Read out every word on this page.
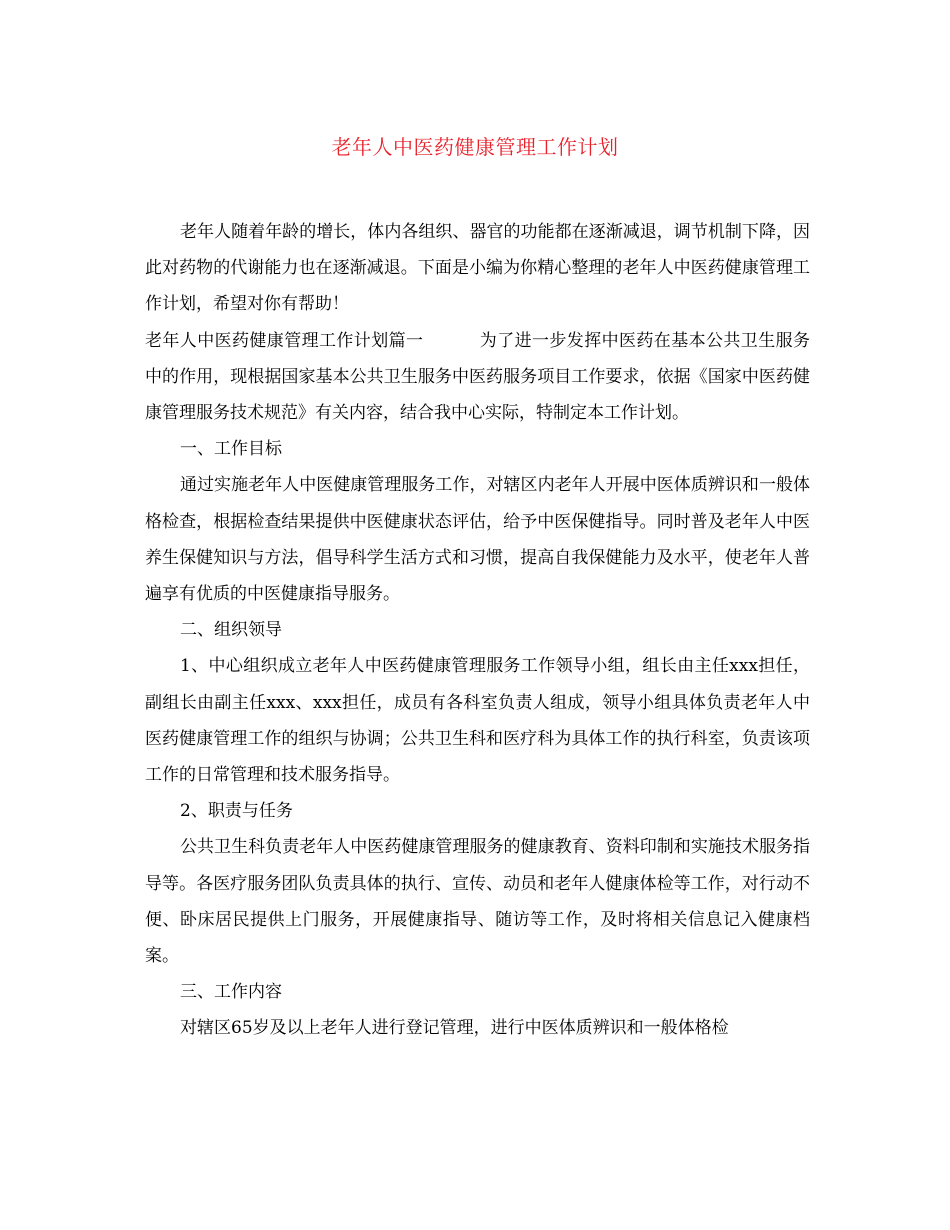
老年人中医药健康管理工作计划

老年人随着年龄的增长，体内各组织、器官的功能都在逐渐减退，调节机制下降，因此对药物的代谢能力也在逐渐减退。下面是小编为你精心整理的老年人中医药健康管理工作计划，希望对你有帮助！

老年人中医药健康管理工作计划篇一	为了进一步发挥中医药在基本公共卫生服务中的作用，现根据国家基本公共卫生服务中医药服务项目工作要求，依据《国家中医药健康管理服务技术规范》有关内容，结合我中心实际，特制定本工作计划。

一、工作目标

通过实施老年人中医健康管理服务工作，对辖区内老年人开展中医体质辨识和一般体格检查，根据检查结果提供中医健康状态评估，给予中医保健指导。同时普及老年人中医养生保健知识与方法，倡导科学生活方式和习惯，提高自我保健能力及水平，使老年人普遍享有优质的中医健康指导服务。

二、组织领导

1、中心组织成立老年人中医药健康管理服务工作领导小组，组长由主任xxx担任，副组长由副主任xxx、xxx担任，成员有各科室负责人组成，领导小组具体负责老年人中医药健康管理工作的组织与协调；公共卫生科和医疗科为具体工作的执行科室，负责该项工作的日常管理和技术服务指导。

2、职责与任务

公共卫生科负责老年人中医药健康管理服务的健康教育、资料印制和实施技术服务指导等。各医疗服务团队负责具体的执行、宣传、动员和老年人健康体检等工作，对行动不便、卧床居民提供上门服务，开展健康指导、随访等工作，及时将相关信息记入健康档案。

三、工作内容

对辖区65岁及以上老年人进行登记管理，进行中医体质辨识和一般体格检
